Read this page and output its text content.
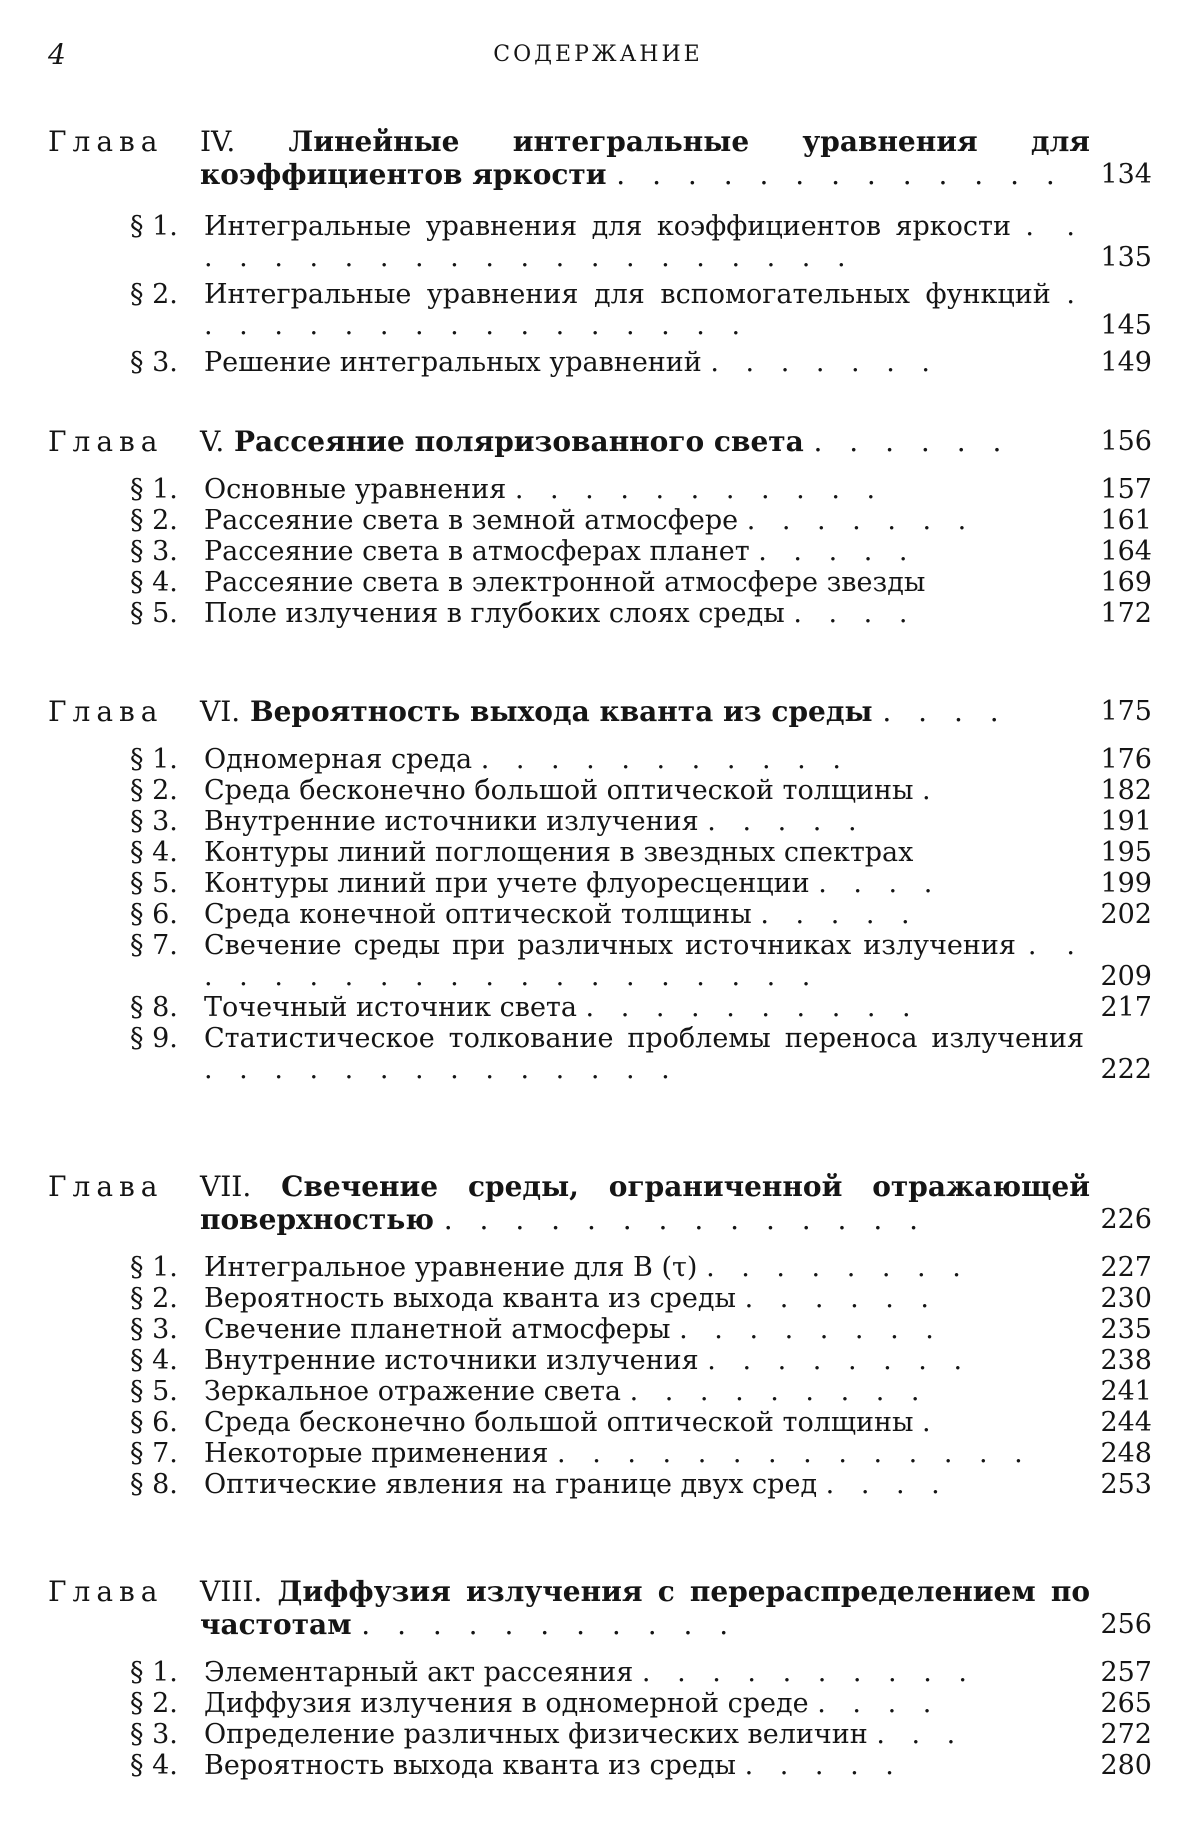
4	СОДЕРЖАНИЕ
Глава	IV. Линейные интегральные уравнения для коэффициентов яркости . . . . . . . . . . . . .	134
§ 1. Интегральные уравнения для коэффициентов яркости . . . . . . . . . . . . . . . . . . . . .	135
§ 2. Интегральные уравнения для вспомогательных функций . . . . . . . . . . . . . . . . .	145
§ 3. Решение интегральных уравнений . . . . . . .	149
Глава	V. Рассеяние поляризованного света . . . . . .	156
§ 1. Основные уравнения . . . . . . . . . . .	157
§ 2. Рассеяние света в земной атмосфере . . . . . . .	161
§ 3. Рассеяние света в атмосферах планет . . . . .	164
§ 4. Рассеяние света в электронной атмосфере звезды	169
§ 5. Поле излучения в глубоких слоях среды . . . .	172
Глава	VI. Вероятность выхода кванта из среды . . . .	175
§ 1. Одномерная среда . . . . . . . . . . .	176
§ 2. Среда бесконечно большой оптической толщины .	182
§ 3. Внутренние источники излучения . . . . .	191
§ 4. Контуры линий поглощения в звездных спектрах	195
§ 5. Контуры линий при учете флуоресценции . . . .	199
§ 6. Среда конечной оптической толщины . . . . .	202
§ 7. Свечение среды при различных источниках излучения . . . . . . . . . . . . . . . . . . . .	209
§ 8. Точечный источник света . . . . . . . . . .	217
§ 9. Статистическое толкование проблемы переноса излучения . . . . . . . . . . . . . .	222
Глава	VII. Свечение среды, ограниченной отражающей поверхностью . . . . . . . . . . . . . .	226
§ 1. Интегральное уравнение для B (τ) . . . . . . . .	227
§ 2. Вероятность выхода кванта из среды . . . . . .	230
§ 3. Свечение планетной атмосферы . . . . . . . .	235
§ 4. Внутренние источники излучения . . . . . . . .	238
§ 5. Зеркальное отражение света . . . . . . . . .	241
§ 6. Среда бесконечно большой оптической толщины .	244
§ 7. Некоторые применения . . . . . . . . . . . . . .	248
§ 8. Оптические явления на границе двух сред . . . .	253
Глава	VIII. Диффузия излучения с перераспределением по частотам . . . . . . . . . . .	256
§ 1. Элементарный акт рассеяния . . . . . . . . . .	257
§ 2. Диффузия излучения в одномерной среде . . . .	265
§ 3. Определение различных физических величин . . .	272
§ 4. Вероятность выхода кванта из среды . . . . .	280
